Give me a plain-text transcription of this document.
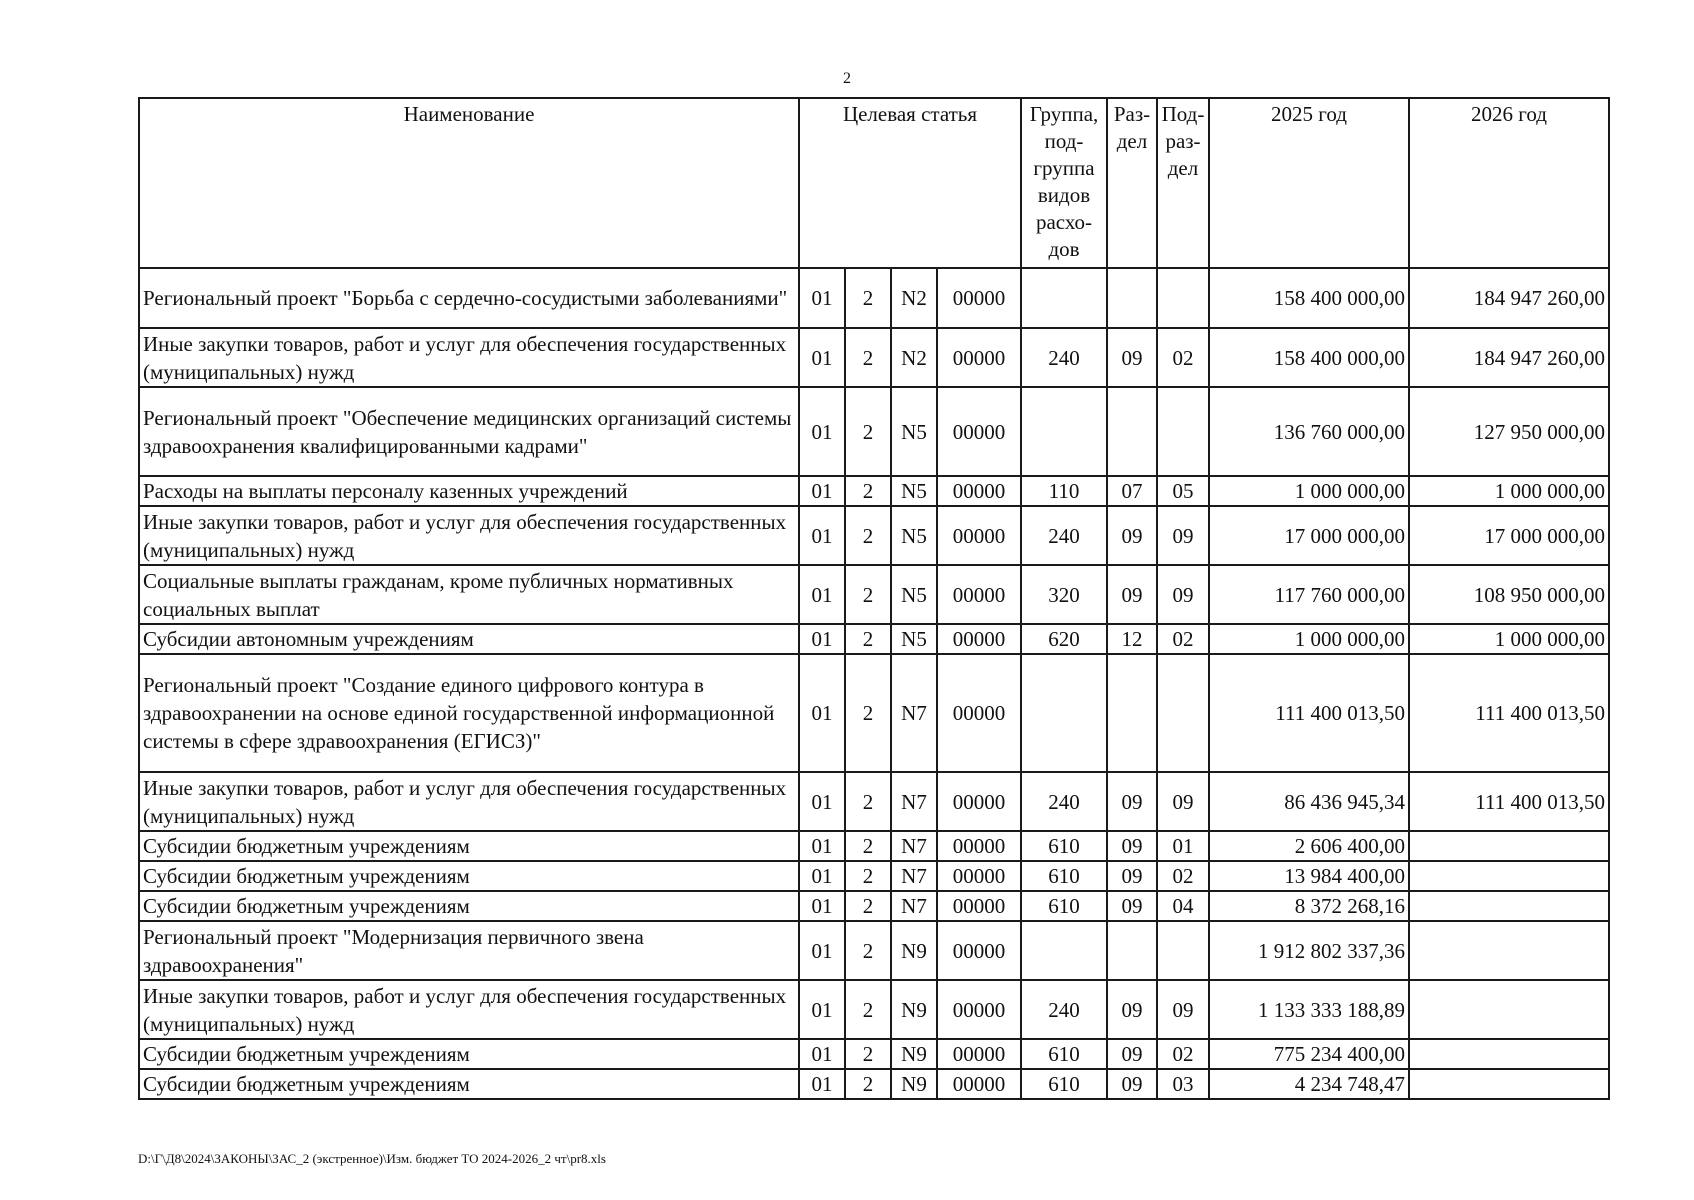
2
Наименование	Целевая статья				Группа, под-группа видов расхо-дов	Раз-дел	Под-раз-дел	2025 год	2026 год
Региональный проект "Борьба с сердечно-сосудистыми заболеваниями"	01	2	N2	00000				158 400 000,00	184 947 260,00
Иные закупки товаров, работ и услуг для обеспечения государственных (муниципальных) нужд	01	2	N2	00000	240	09	02	158 400 000,00	184 947 260,00
Региональный проект "Обеспечение медицинских организаций системы здравоохранения квалифицированными кадрами"	01	2	N5	00000				136 760 000,00	127 950 000,00
Расходы на выплаты персоналу казенных учреждений	01	2	N5	00000	110	07	05	1 000 000,00	1 000 000,00
Иные закупки товаров, работ и услуг для обеспечения государственных (муниципальных) нужд	01	2	N5	00000	240	09	09	17 000 000,00	17 000 000,00
Социальные выплаты гражданам, кроме публичных нормативных социальных выплат	01	2	N5	00000	320	09	09	117 760 000,00	108 950 000,00
Субсидии автономным учреждениям	01	2	N5	00000	620	12	02	1 000 000,00	1 000 000,00
Региональный проект "Создание единого цифрового контура в здравоохранении на основе единой государственной информационной системы в сфере здравоохранения (ЕГИСЗ)"	01	2	N7	00000				111 400 013,50	111 400 013,50
Иные закупки товаров, работ и услуг для обеспечения государственных (муниципальных) нужд	01	2	N7	00000	240	09	09	86 436 945,34	111 400 013,50
Субсидии бюджетным учреждениям	01	2	N7	00000	610	09	01	2 606 400,00	
Субсидии бюджетным учреждениям	01	2	N7	00000	610	09	02	13 984 400,00	
Субсидии бюджетным учреждениям	01	2	N7	00000	610	09	04	8 372 268,16	
Региональный проект "Модернизация первичного звена здравоохранения"	01	2	N9	00000				1 912 802 337,36	
Иные закупки товаров, работ и услуг для обеспечения государственных (муниципальных) нужд	01	2	N9	00000	240	09	09	1 133 333 188,89	
Субсидии бюджетным учреждениям	01	2	N9	00000	610	09	02	775 234 400,00	
Субсидии бюджетным учреждениям	01	2	N9	00000	610	09	03	4 234 748,47	
D:\Г\Д8\2024\ЗАКОНЫ\ЗАС_2 (экстренное)\Изм. бюджет ТО 2024-2026_2 чт\pr8.xls
